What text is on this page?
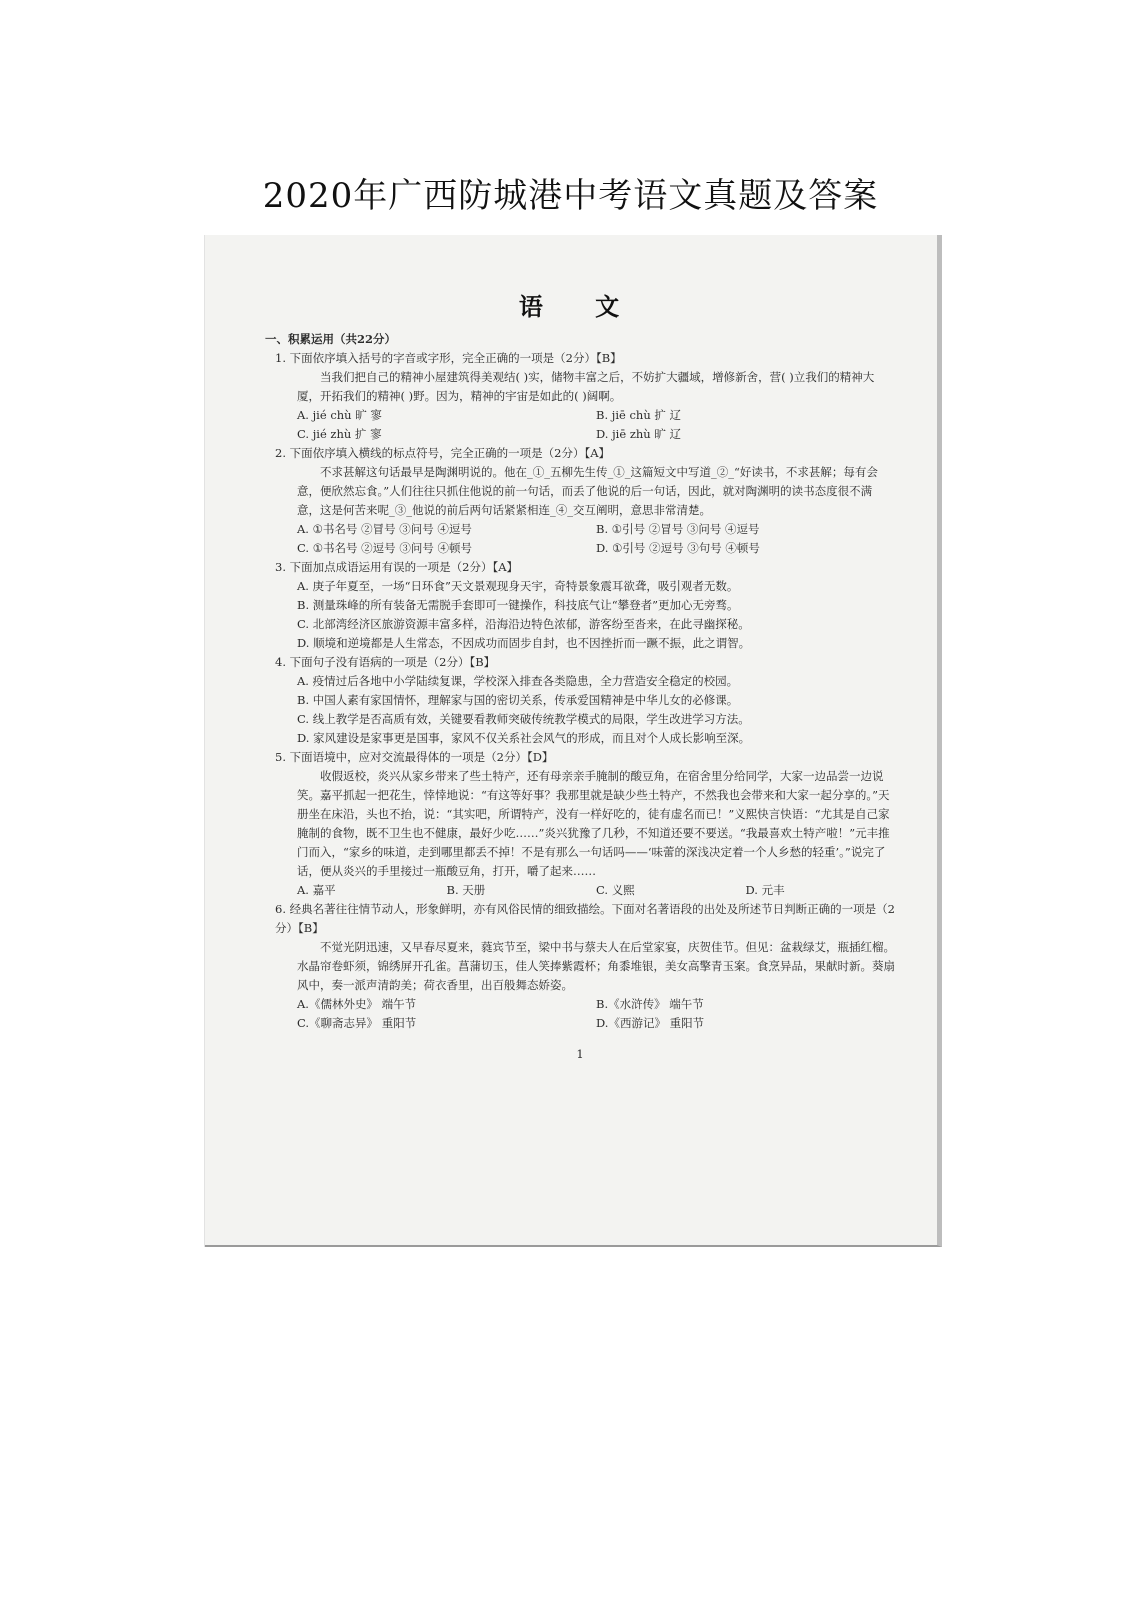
2020年广西防城港中考语文真题及答案
语 文
一、积累运用（共22分）
1. 下面依序填入括号的字音或字形，完全正确的一项是（2分）【B】
当我们把自己的精神小屋建筑得美观结( )实，储物丰富之后，不妨扩大疆域，增修新舍，营( )立我们的精神大厦，开拓我们的精神( )野。因为，精神的宇宙是如此的( )阔啊。
A. jié chù 旷 寥	B. jiē chù 扩 辽
C. jié zhù 扩 寥	D. jiē zhù 旷 辽
2. 下面依序填入横线的标点符号，完全正确的一项是（2分）【A】
不求甚解这句话最早是陶渊明说的。他在_①_五柳先生传_①_这篇短文中写道_②_“好读书，不求甚解；每有会意，便欣然忘食。”人们往往只抓住他说的前一句话，而丢了他说的后一句话，因此，就对陶渊明的读书态度很不满意，这是何苦来呢_③_他说的前后两句话紧紧相连_④_交互阐明，意思非常清楚。
A. ①书名号 ②冒号 ③问号 ④逗号	B. ①引号 ②冒号 ③问号 ④逗号
C. ①书名号 ②逗号 ③问号 ④顿号	D. ①引号 ②逗号 ③句号 ④顿号
3. 下面加点成语运用有误的一项是（2分）【A】
A. 庚子年夏至，一场“日环食”天文景观现身天宇，奇特景象震耳欲聋，吸引观者无数。
B. 测量珠峰的所有装备无需脱手套即可一键操作，科技底气让“攀登者”更加心无旁骛。
C. 北部湾经济区旅游资源丰富多样，沿海沿边特色浓郁，游客纷至沓来，在此寻幽探秘。
D. 顺境和逆境都是人生常态，不因成功而固步自封，也不因挫折而一蹶不振，此之谓智。
4. 下面句子没有语病的一项是（2分）【B】
A. 疫情过后各地中小学陆续复课，学校深入排查各类隐患，全力营造安全稳定的校园。
B. 中国人素有家国情怀，理解家与国的密切关系，传承爱国精神是中华儿女的必修课。
C. 线上教学是否高质有效，关键要看教师突破传统教学模式的局限，学生改进学习方法。
D. 家风建设是家事更是国事，家风不仅关系社会风气的形成，而且对个人成长影响至深。
5. 下面语境中，应对交流最得体的一项是（2分）【D】
收假返校，炎兴从家乡带来了些土特产，还有母亲亲手腌制的酸豆角，在宿舍里分给同学，大家一边品尝一边说笑。嘉平抓起一把花生，悻悻地说：“有这等好事？我那里就是缺少些土特产，不然我也会带来和大家一起分享的。”天册坐在床沿，头也不抬，说：“其实吧，所谓特产，没有一样好吃的，徒有虚名而已！”义熙快言快语：“尤其是自己家腌制的食物，既不卫生也不健康，最好少吃……”炎兴犹豫了几秒，不知道还要不要送。“我最喜欢土特产啦！”元丰推门而入，“家乡的味道，走到哪里都丢不掉！不是有那么一句话吗——‘味蕾的深浅决定着一个人乡愁的轻重’。”说完了话，便从炎兴的手里接过一瓶酸豆角，打开，嚼了起来……
A. 嘉平	B. 天册	C. 义熙	D. 元丰
6. 经典名著往往情节动人，形象鲜明，亦有风俗民情的细致描绘。下面对名著语段的出处及所述节日判断正确的一项是（2分）【B】
不觉光阴迅速，又早春尽夏来，蕤宾节至，梁中书与蔡夫人在后堂家宴，庆贺佳节。但见：盆栽绿艾，瓶插红榴。水晶帘卷虾须，锦绣屏开孔雀。菖蒲切玉，佳人笑捧紫霞杯；角黍堆银，美女高擎青玉案。食烹异品，果献时新。葵扇风中，奏一派声清韵美；荷衣香里，出百般舞态娇姿。
A.《儒林外史》 端午节	B.《水浒传》 端午节
C.《聊斋志异》 重阳节	D.《西游记》 重阳节
1
